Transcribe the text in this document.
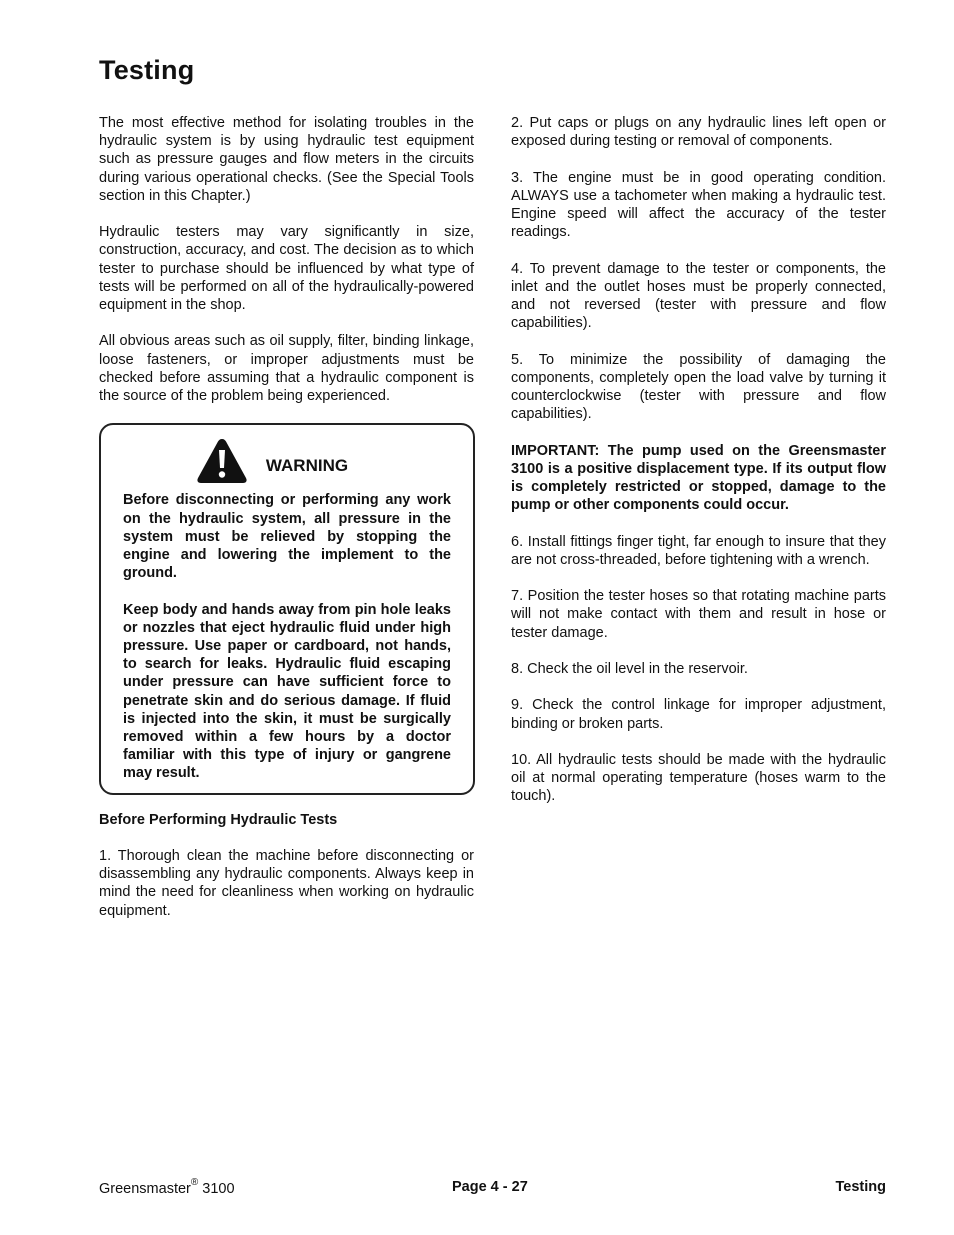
Testing

The most effective method for isolating troubles in the hydraulic system is by using hydraulic test equipment such as pressure gauges and flow meters in the circuits during various operational checks. (See the Special Tools section in this Chapter.)

Hydraulic testers may vary significantly in size, construction, accuracy, and cost. The decision as to which tester to purchase should be influenced by what type of tests will be performed on all of the hydraulically-powered equipment in the shop.

All obvious areas such as oil supply, filter, binding linkage, loose fasteners, or improper adjustments must be checked before assuming that a hydraulic component is the source of the problem being experienced.

WARNING

Before disconnecting or performing any work on the hydraulic system, all pressure in the system must be relieved by stopping the engine and lowering the implement to the ground.

Keep body and hands away from pin hole leaks or nozzles that eject hydraulic fluid under high pressure. Use paper or cardboard, not hands, to search for leaks. Hydraulic fluid escaping under pressure can have sufficient force to penetrate skin and do serious damage. If fluid is injected into the skin, it must be surgically removed within a few hours by a doctor familiar with this type of injury or gangrene may result.

Before Performing Hydraulic Tests

1. Thorough clean the machine before disconnecting or disassembling any hydraulic components. Always keep in mind the need for cleanliness when working on hydraulic equipment.

2. Put caps or plugs on any hydraulic lines left open or exposed during testing or removal of components.

3. The engine must be in good operating condition. ALWAYS use a tachometer when making a hydraulic test. Engine speed will affect the accuracy of the tester readings.

4. To prevent damage to the tester or components, the inlet and the outlet hoses must be properly connected, and not reversed (tester with pressure and flow capabilities).

5. To minimize the possibility of damaging the components, completely open the load valve by turning it counterclockwise (tester with pressure and flow capabilities).

IMPORTANT: The pump used on the Greensmaster 3100 is a positive displacement type. If its output flow is completely restricted or stopped, damage to the pump or other components could occur.

6. Install fittings finger tight, far enough to insure that they are not cross-threaded, before tightening with a wrench.

7. Position the tester hoses so that rotating machine parts will not make contact with them and result in hose or tester damage.

8. Check the oil level in the reservoir.

9. Check the control linkage for improper adjustment, binding or broken parts.

10. All hydraulic tests should be made with the hydraulic oil at normal operating temperature (hoses warm to the touch).

Greensmaster® 3100	Page 4 - 27	Testing
